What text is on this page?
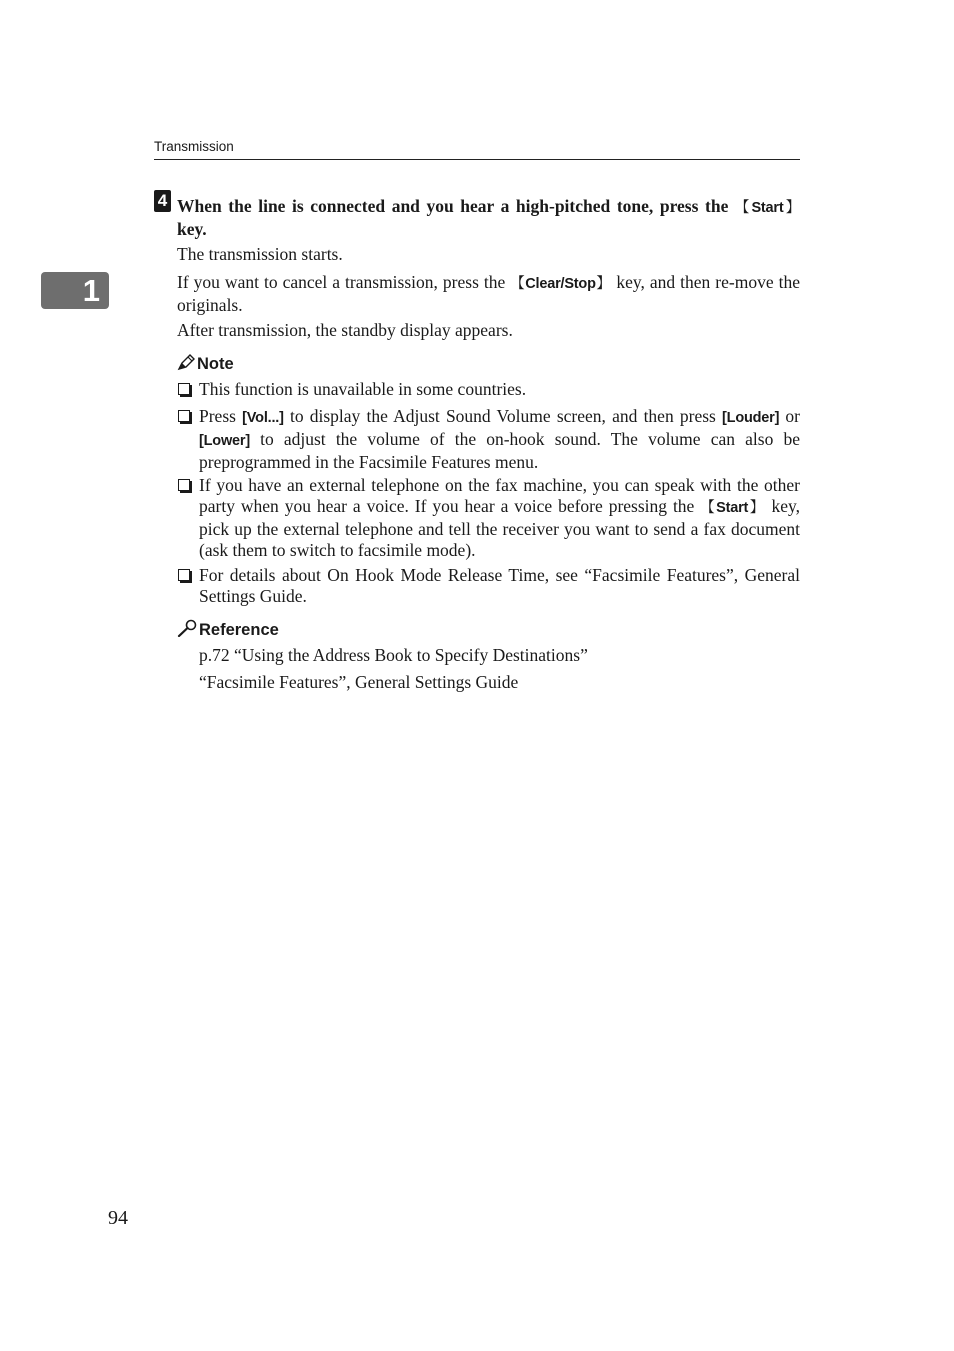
Transmission
1
4 When the line is connected and you hear a high-pitched tone, press the 【Start】 key.

The transmission starts.

If you want to cancel a transmission, press the 【Clear/Stop】 key, and then re-move the originals.

After transmission, the standby display appears.

Note

This function is unavailable in some countries.

Press [Vol...] to display the Adjust Sound Volume screen, and then press [Louder] or [Lower] to adjust the volume of the on-hook sound. The volume can also be preprogrammed in the Facsimile Features menu.

If you have an external telephone on the fax machine, you can speak with the other party when you hear a voice. If you hear a voice before pressing the 【Start】 key, pick up the external telephone and tell the receiver you want to send a fax document (ask them to switch to facsimile mode).

For details about On Hook Mode Release Time, see “Facsimile Features”, General Settings Guide.

Reference
p.72 “Using the Address Book to Specify Destinations”
“Facsimile Features”, General Settings Guide
94
